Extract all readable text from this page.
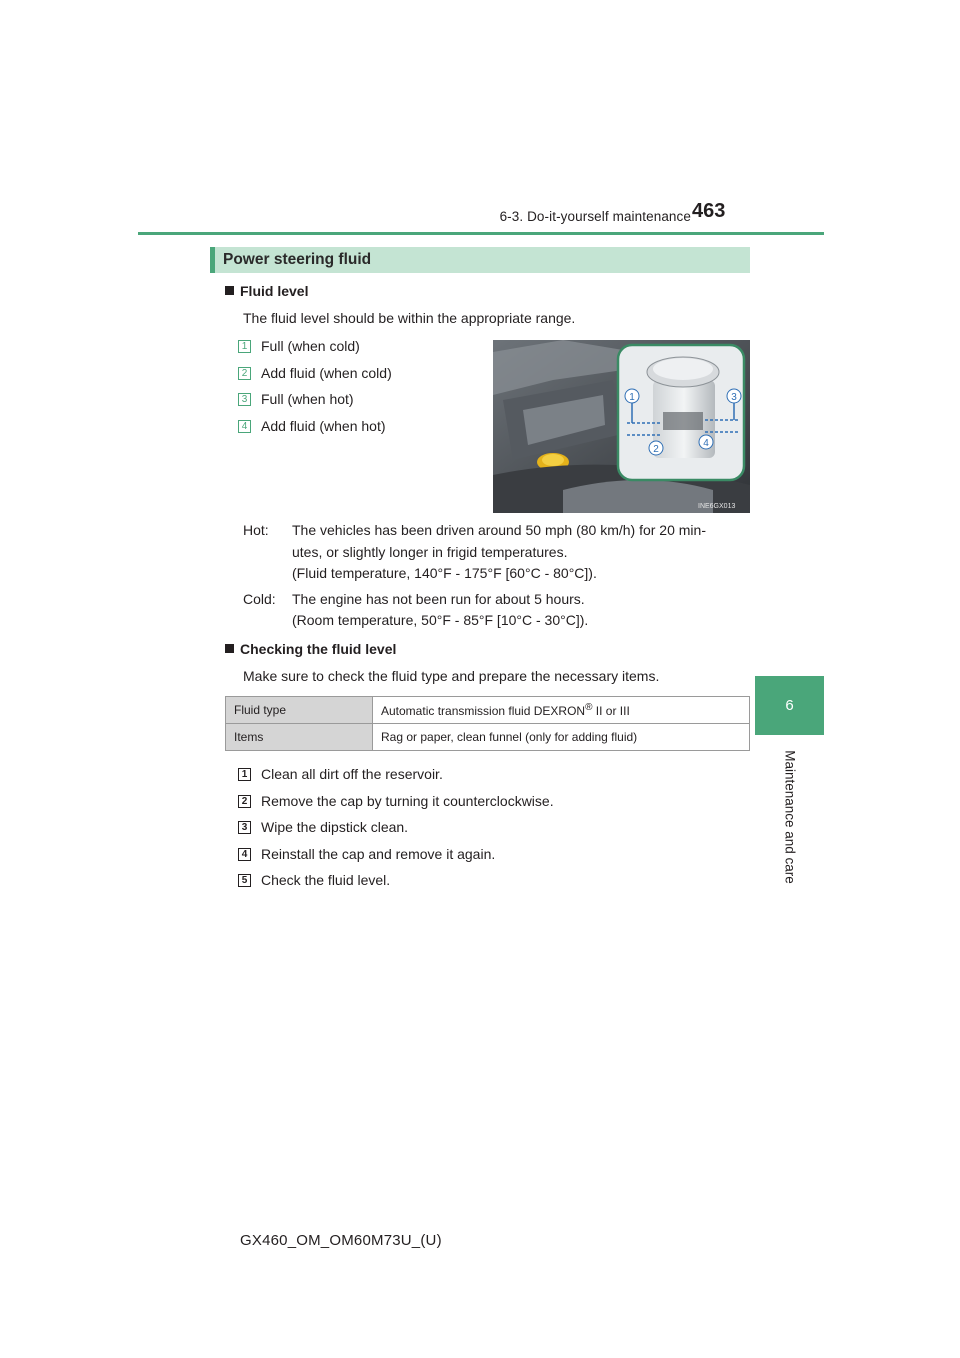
6-3. Do-it-yourself maintenance 463
6
Maintenance and care
Power steering fluid
Fluid level
The fluid level should be within the appropriate range.
1 Full (when cold)
2 Add fluid (when cold)
3 Full (when hot)
4 Add fluid (when hot)
1
2
3
4
INE6GX013
Hot: The vehicles has been driven around 50 mph (80 km/h) for 20 min-
utes, or slightly longer in frigid temperatures.
(Fluid temperature, 140°F - 175°F [60°C - 80°C]).
Cold: The engine has not been run for about 5 hours.
(Room temperature, 50°F - 85°F [10°C - 30°C]).
Checking the fluid level
Make sure to check the fluid type and prepare the necessary items.
Fluid type	Automatic transmission fluid DEXRON® II or III
Items	Rag or paper, clean funnel (only for adding fluid)
1 Clean all dirt off the reservoir.
2 Remove the cap by turning it counterclockwise.
3 Wipe the dipstick clean.
4 Reinstall the cap and remove it again.
5 Check the fluid level.
GX460_OM_OM60M73U_(U)
